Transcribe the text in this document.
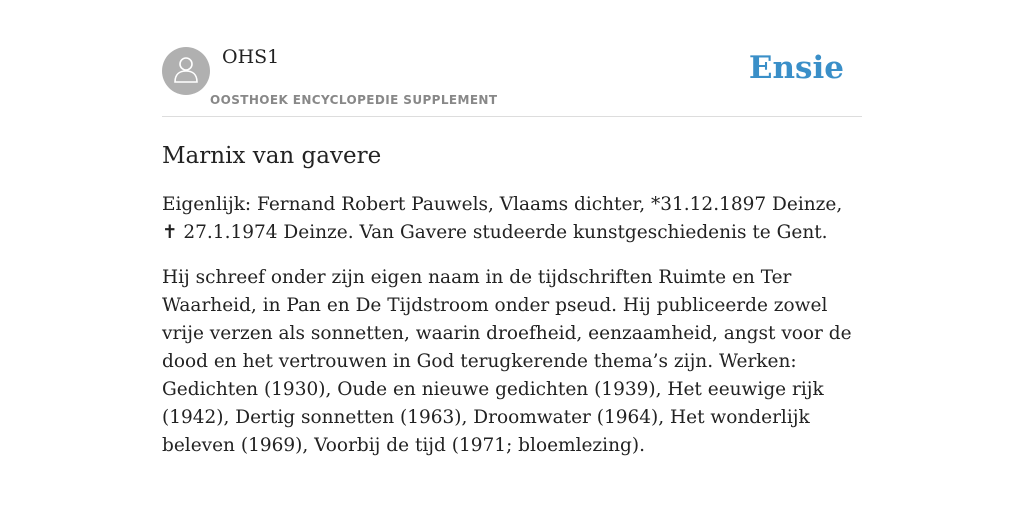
OHS1
OOSTHOEK ENCYCLOPEDIE SUPPLEMENT
Ensie
Marnix van gavere

Eigenlijk: Fernand Robert Pauwels, Vlaams dichter, *31.12.1897 Deinze, ✝ 27.1.1974 Deinze. Van Gavere studeerde kunstgeschiedenis te Gent.

Hij schreef onder zijn eigen naam in de tijdschriften Ruimte en Ter Waarheid, in Pan en De Tijdstroom onder pseud. Hij publiceerde zowel vrije verzen als sonnetten, waarin droefheid, eenzaamheid, angst voor de dood en het vertrouwen in God terugkerende thema’s zijn. Werken: Gedichten (1930), Oude en nieuwe gedichten (1939), Het eeuwige rijk (1942), Dertig sonnetten (1963), Droomwater (1964), Het wonderlijk beleven (1969), Voorbij de tijd (1971; bloemlezing).
